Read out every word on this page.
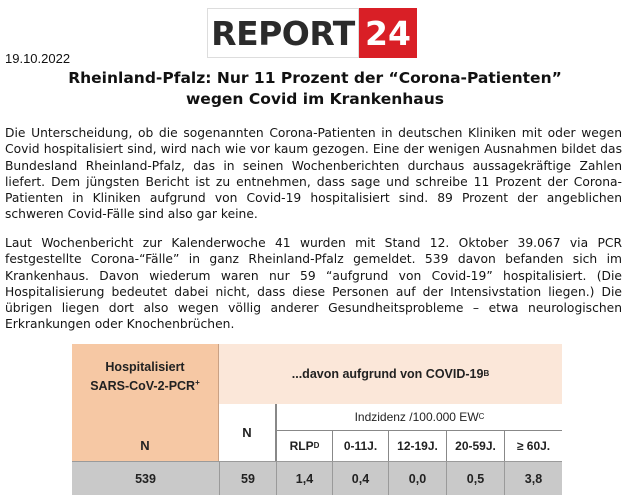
REPORT 24
19.10.2022
Rheinland-Pfalz: Nur 11 Prozent der “Corona-Patienten”
wegen Covid im Krankenhaus

Die Unterscheidung, ob die sogenannten Corona-Patienten in deutschen Kliniken mit oder wegen Covid hospitalisiert sind, wird nach wie vor kaum gezogen. Eine der wenigen Ausnahmen bildet das Bundesland Rheinland-Pfalz, das in seinen Wochenberichten durchaus aussagekräftige Zahlen liefert. Dem jüngsten Bericht ist zu entnehmen, dass sage und schreibe 11 Prozent der Corona-Patienten in Kliniken aufgrund von Covid-19 hospitalisiert sind. 89 Prozent der angeblichen schweren Covid-Fälle sind also gar keine.

Laut Wochenbericht zur Kalenderwoche 41 wurden mit Stand 12. Oktober 39.067 via PCR festgestellte Corona-“Fälle” in ganz Rheinland-Pfalz gemeldet. 539 davon befanden sich im Krankenhaus. Davon wiederum waren nur 59 “aufgrund von Covid-19” hospitalisiert. (Die Hospitalisierung bedeutet dabei nicht, dass diese Personen auf der Intensivstation liegen.) Die übrigen liegen dort also wegen völlig anderer Gesundheitsprobleme – etwa neurologischen Erkrankungen oder Knochenbrüchen.

Hospitalisiert
SARS-CoV-2-PCR+
N
...davon aufgrund von COVID-19 B
N
Indzidenz /100.000 EW C
RLP D	0-11J.	12-19J.	20-59J.	≥ 60J.
539	59	1,4	0,4	0,0	0,5	3,8
